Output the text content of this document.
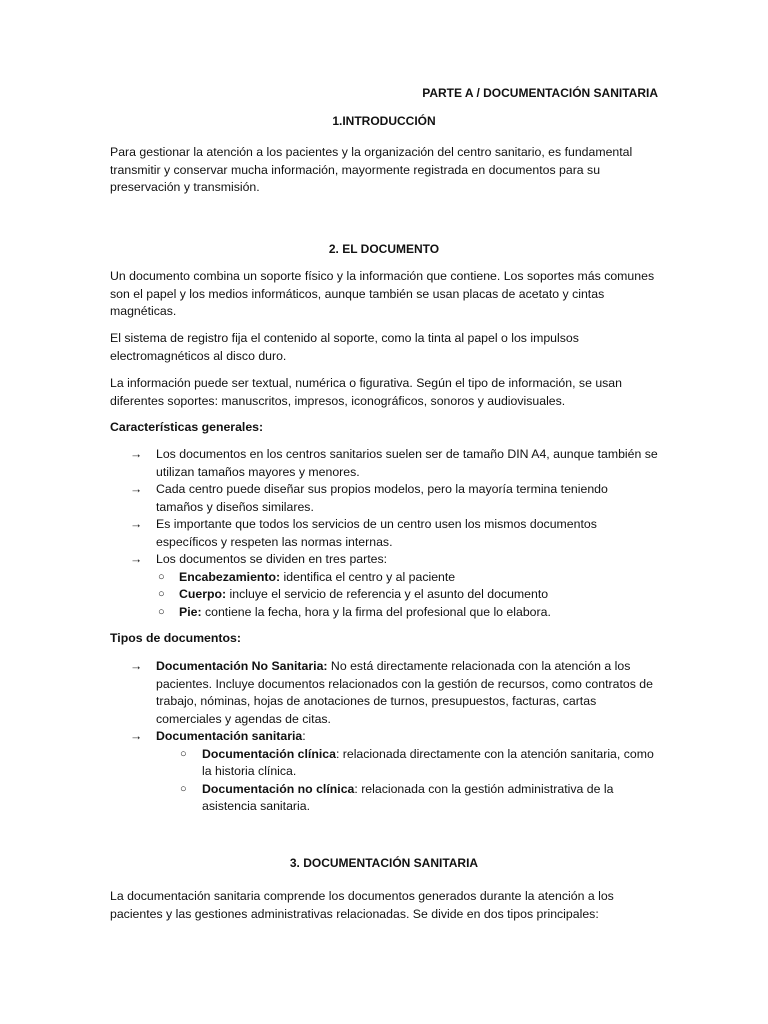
PARTE A / DOCUMENTACIÓN SANITARIA

1.INTRODUCCIÓN

Para gestionar la atención a los pacientes y la organización del centro sanitario, es fundamental transmitir y conservar mucha información, mayormente registrada en documentos para su preservación y transmisión.

2. EL DOCUMENTO

Un documento combina un soporte físico y la información que contiene. Los soportes más comunes son el papel y los medios informáticos, aunque también se usan placas de acetato y cintas magnéticas.

El sistema de registro fija el contenido al soporte, como la tinta al papel o los impulsos electromagnéticos al disco duro.

La información puede ser textual, numérica o figurativa. Según el tipo de información, se usan diferentes soportes: manuscritos, impresos, iconográficos, sonoros y audiovisuales.

Características generales:

→ Los documentos en los centros sanitarios suelen ser de tamaño DIN A4, aunque también se utilizan tamaños mayores y menores.
→ Cada centro puede diseñar sus propios modelos, pero la mayoría termina teniendo tamaños y diseños similares.
→ Es importante que todos los servicios de un centro usen los mismos documentos específicos y respeten las normas internas.
→ Los documentos se dividen en tres partes:
○ Encabezamiento: identifica el centro y al paciente
○ Cuerpo: incluye el servicio de referencia y el asunto del documento
○ Pie: contiene la fecha, hora y la firma del profesional que lo elabora.

Tipos de documentos:

→ Documentación No Sanitaria: No está directamente relacionada con la atención a los pacientes. Incluye documentos relacionados con la gestión de recursos, como contratos de trabajo, nóminas, hojas de anotaciones de turnos, presupuestos, facturas, cartas comerciales y agendas de citas.
→ Documentación sanitaria:
○ Documentación clínica: relacionada directamente con la atención sanitaria, como la historia clínica.
○ Documentación no clínica: relacionada con la gestión administrativa de la asistencia sanitaria.

3. DOCUMENTACIÓN SANITARIA

La documentación sanitaria comprende los documentos generados durante la atención a los pacientes y las gestiones administrativas relacionadas. Se divide en dos tipos principales:
